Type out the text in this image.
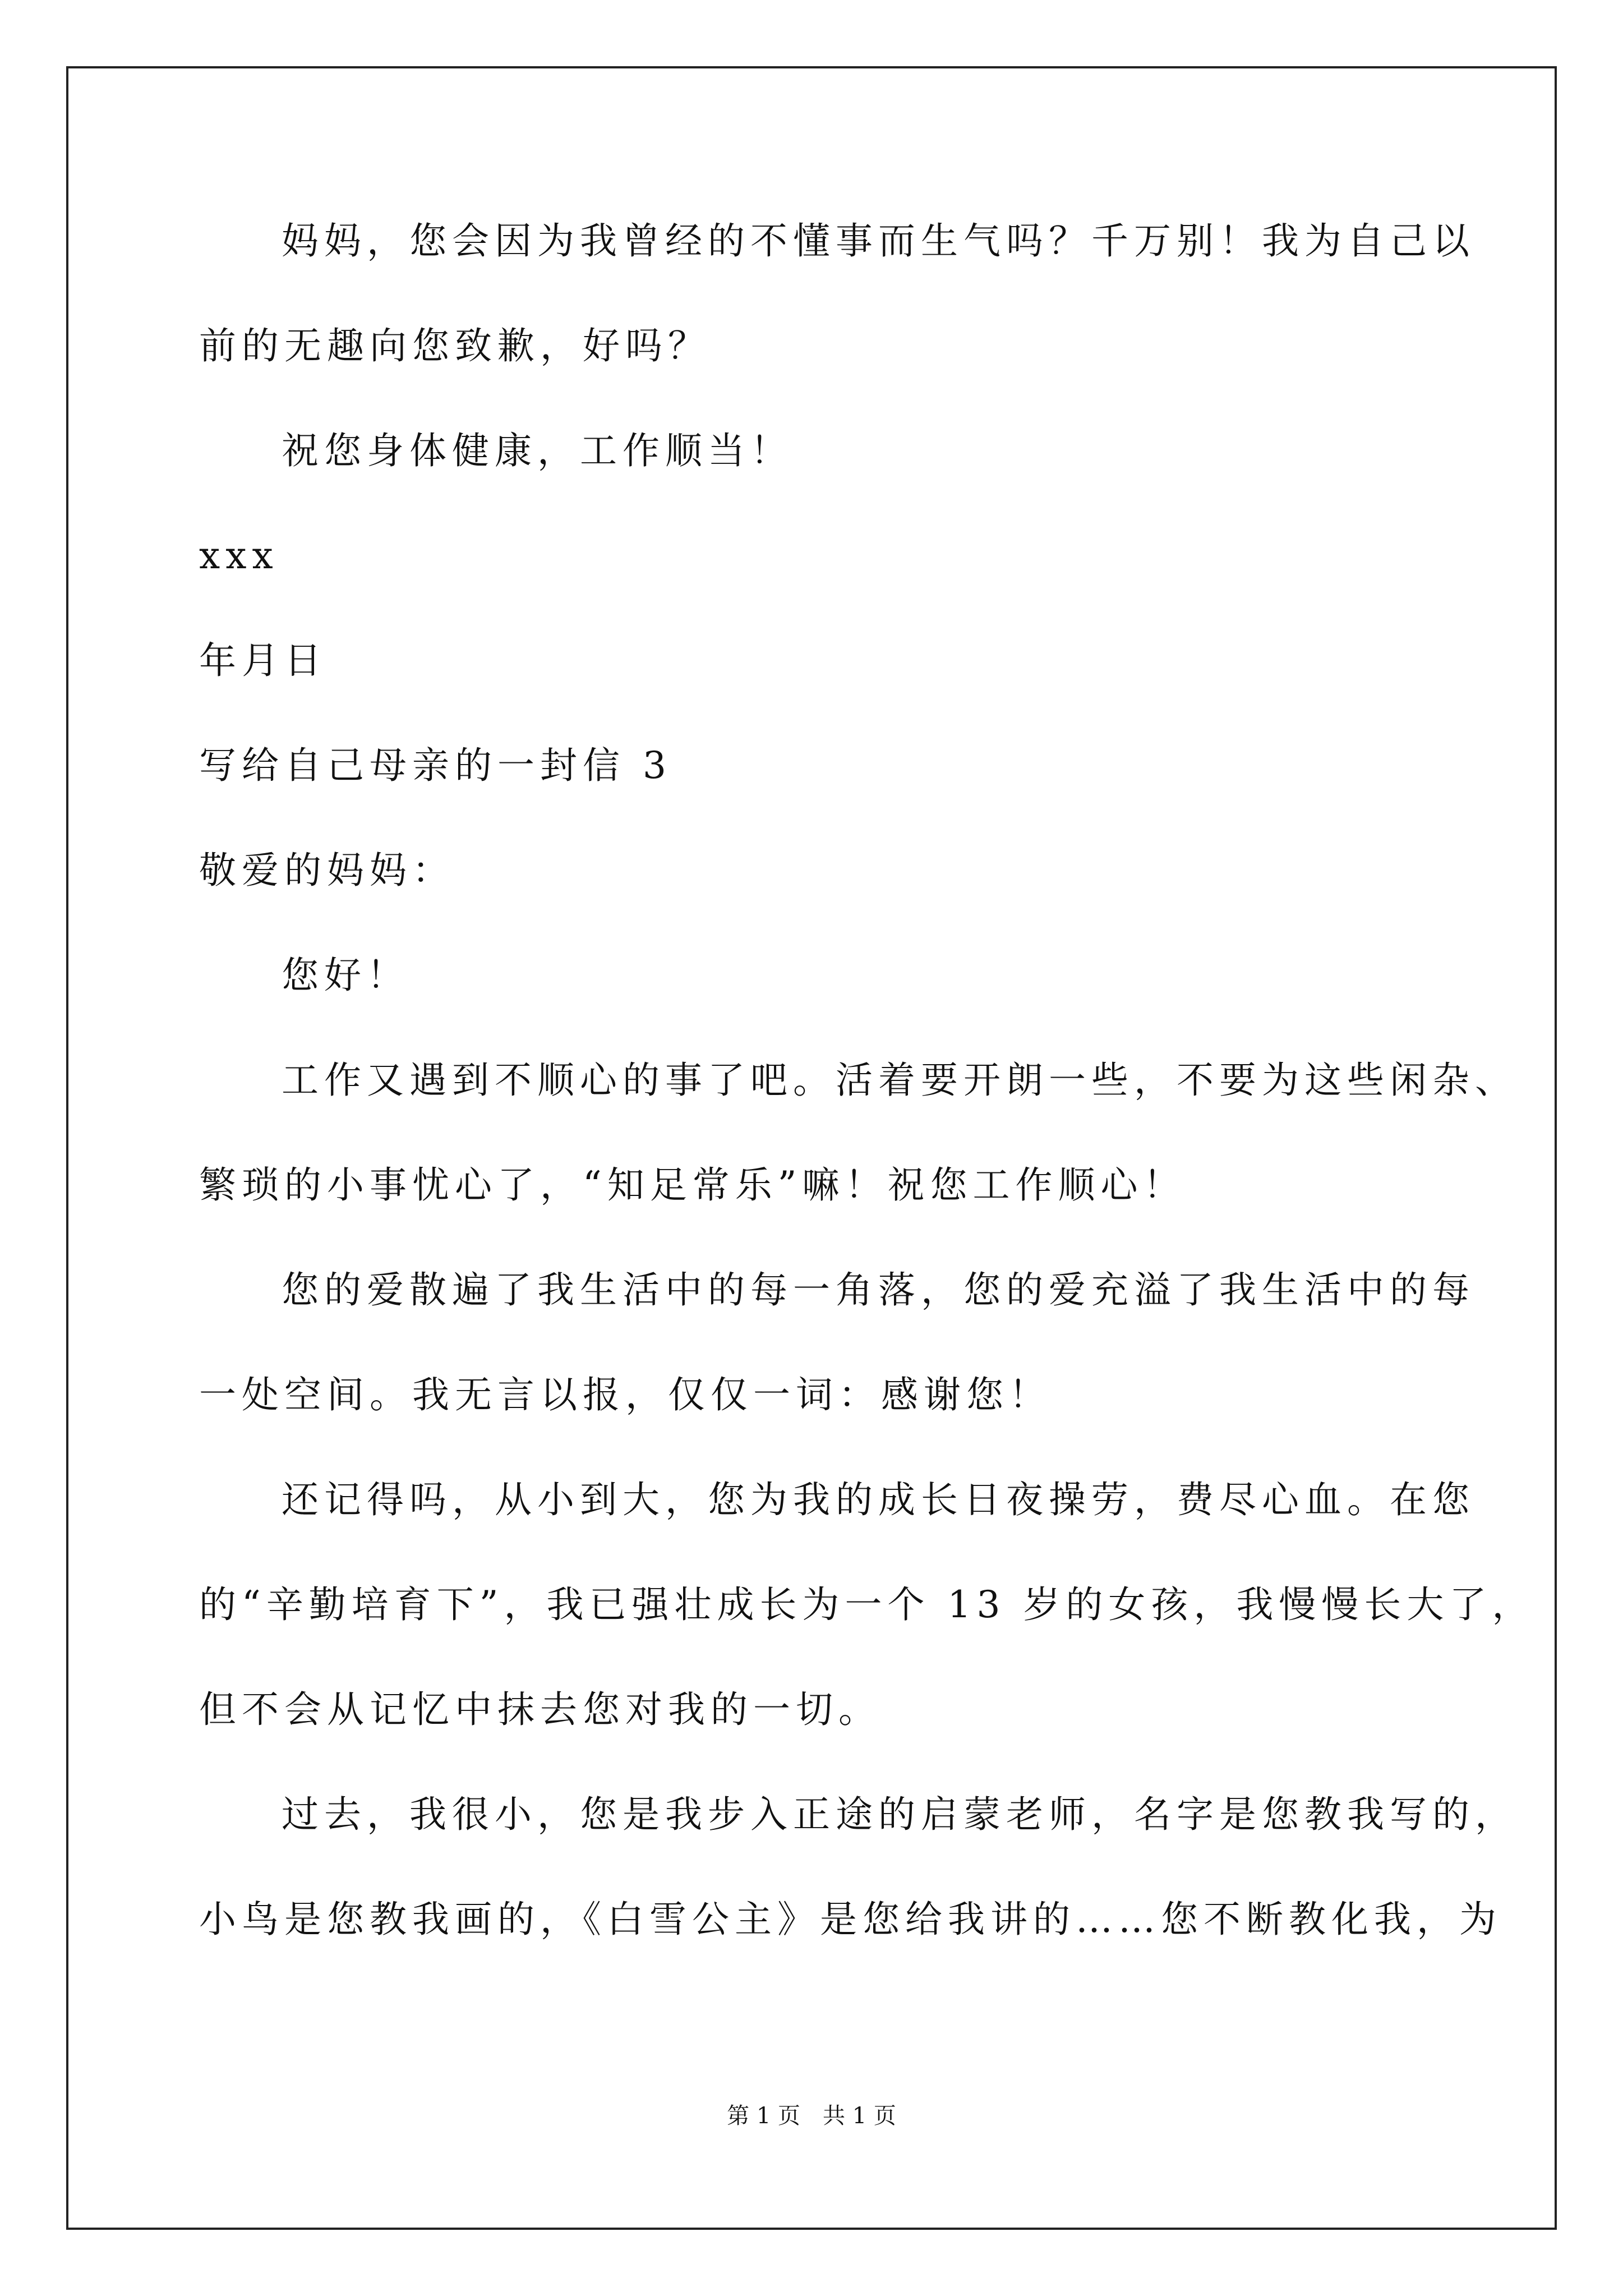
妈妈，您会因为我曾经的不懂事而生气吗？千万别！我为自己以
前的无趣向您致歉，好吗？
祝您身体健康，工作顺当！
xxx
年月日
写给自己母亲的一封信 3
敬爱的妈妈：
您好！
工作又遇到不顺心的事了吧。活着要开朗一些，不要为这些闲杂、
繁琐的小事忧心了，“知足常乐”嘛！祝您工作顺心！
您的爱散遍了我生活中的每一角落，您的爱充溢了我生活中的每
一处空间。我无言以报，仅仅一词：感谢您！
还记得吗，从小到大，您为我的成长日夜操劳，费尽心血。在您
的“辛勤培育下”，我已强壮成长为一个 13 岁的女孩，我慢慢长大了，
但不会从记忆中抹去您对我的一切。
过去，我很小，您是我步入正途的启蒙老师，名字是您教我写的，
小鸟是您教我画的，《白雪公主》是您给我讲的……您不断教化我，为
第 1 页　共 1 页
